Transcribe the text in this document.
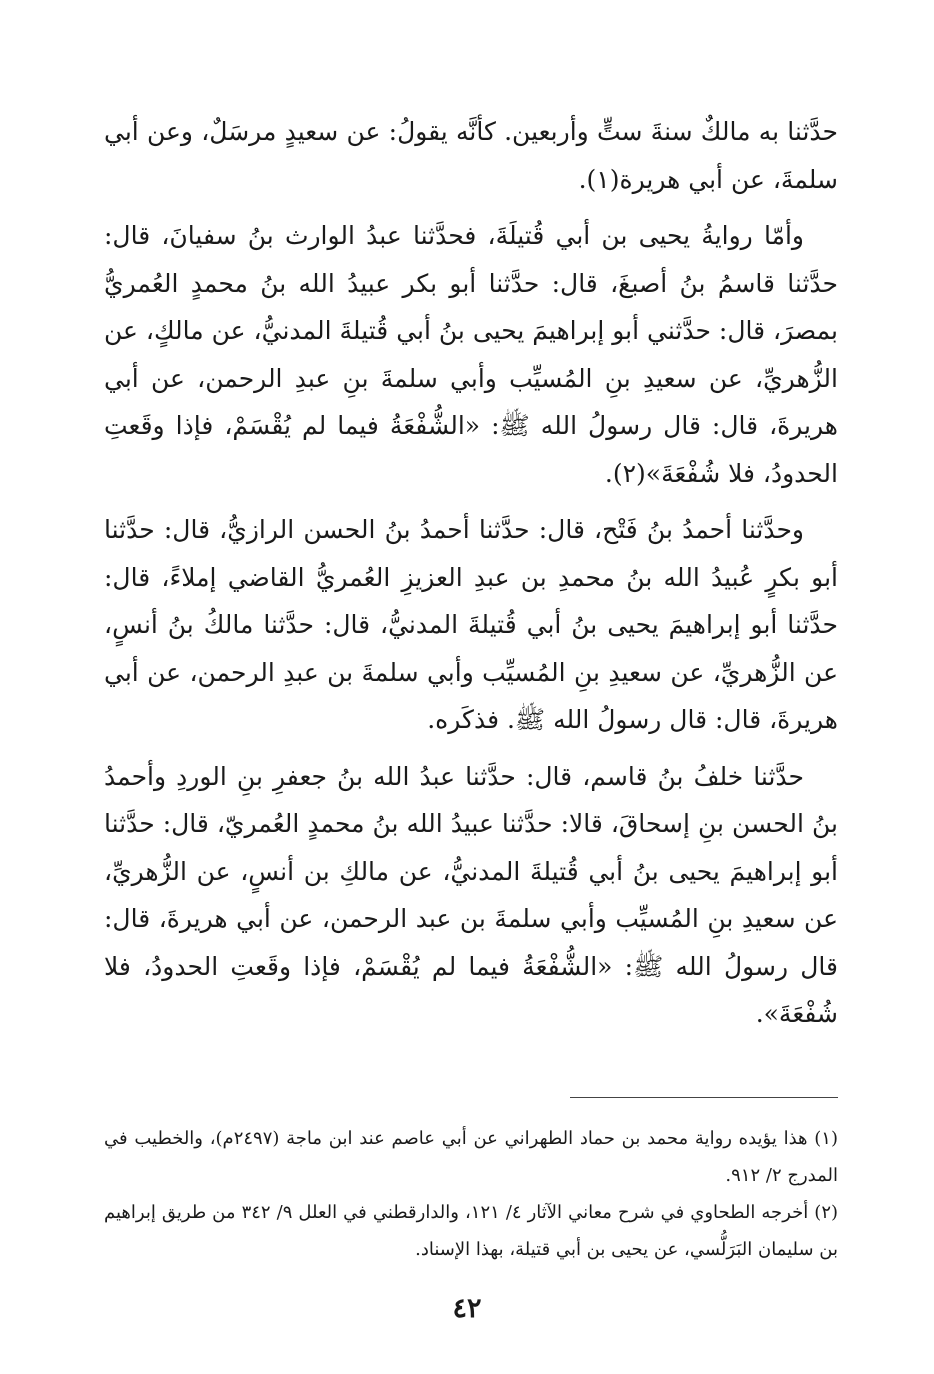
حدَّثنا به مالكٌ سنةَ ستٍّ وأربعين. كأنَّه يقولُ: عن سعيدٍ مرسَلٌ، وعن أبي سلمةَ، عن أبي هريرة(١).

وأمّا روايةُ يحيى بن أبي قُتيلَةَ، فحدَّثنا عبدُ الوارث بنُ سفيانَ، قال: حدَّثنا قاسمُ بنُ أصبغَ، قال: حدَّثنا أبو بكر عبيدُ الله بنُ محمدٍ العُمريُّ بمصرَ، قال: حدَّثني أبو إبراهيمَ يحيى بنُ أبي قُتيلةَ المدنيُّ، عن مالكٍ، عن الزُّهريِّ، عن سعيدِ بنِ المُسيِّب وأبي سلمةَ بنِ عبدِ الرحمن، عن أبي هريرةَ، قال: قال رسولُ الله ﷺ: «الشُّفْعَةُ فيما لم يُقْسَمْ، فإذا وقَعتِ الحدودُ، فلا شُفْعَةَ»(٢).

وحدَّثنا أحمدُ بنُ فَتْح، قال: حدَّثنا أحمدُ بنُ الحسن الرازيُّ، قال: حدَّثنا أبو بكرٍ عُبيدُ الله بنُ محمدِ بن عبدِ العزيزِ العُمريُّ القاضي إملاءً، قال: حدَّثنا أبو إبراهيمَ يحيى بنُ أبي قُتيلةَ المدنيُّ، قال: حدَّثنا مالكُ بنُ أنسٍ، عن الزُّهريِّ، عن سعيدِ بنِ المُسيِّب وأبي سلمةَ بن عبدِ الرحمن، عن أبي هريرةَ، قال: قال رسولُ الله ﷺ. فذكَره.

حدَّثنا خلفُ بنُ قاسم، قال: حدَّثنا عبدُ الله بنُ جعفرِ بنِ الوردِ وأحمدُ بنُ الحسن بنِ إسحاقَ، قالا: حدَّثنا عبيدُ الله بنُ محمدٍ العُمريّ، قال: حدَّثنا أبو إبراهيمَ يحيى بنُ أبي قُتيلةَ المدنيُّ، عن مالكِ بن أنسٍ، عن الزُّهريِّ، عن سعيدِ بنِ المُسيِّب وأبي سلمةَ بن عبد الرحمن، عن أبي هريرةَ، قال: قال رسولُ الله ﷺ: «الشُّفْعَةُ فيما لم يُقْسَمْ، فإذا وقَعتِ الحدودُ، فلا شُفْعَةَ».

(١) هذا يؤيده رواية محمد بن حماد الطهراني عن أبي عاصم عند ابن ماجة (٢٤٩٧م)، والخطيب في المدرج ٢/ ٩١٢.

(٢) أخرجه الطحاوي في شرح معاني الآثار ٤/ ١٢١، والدارقطني في العلل ٩/ ٣٤٢ من طريق إبراهيم بن سليمان البَرَلُّسي، عن يحيى بن أبي قتيلة، بهذا الإسناد.

٤٢
